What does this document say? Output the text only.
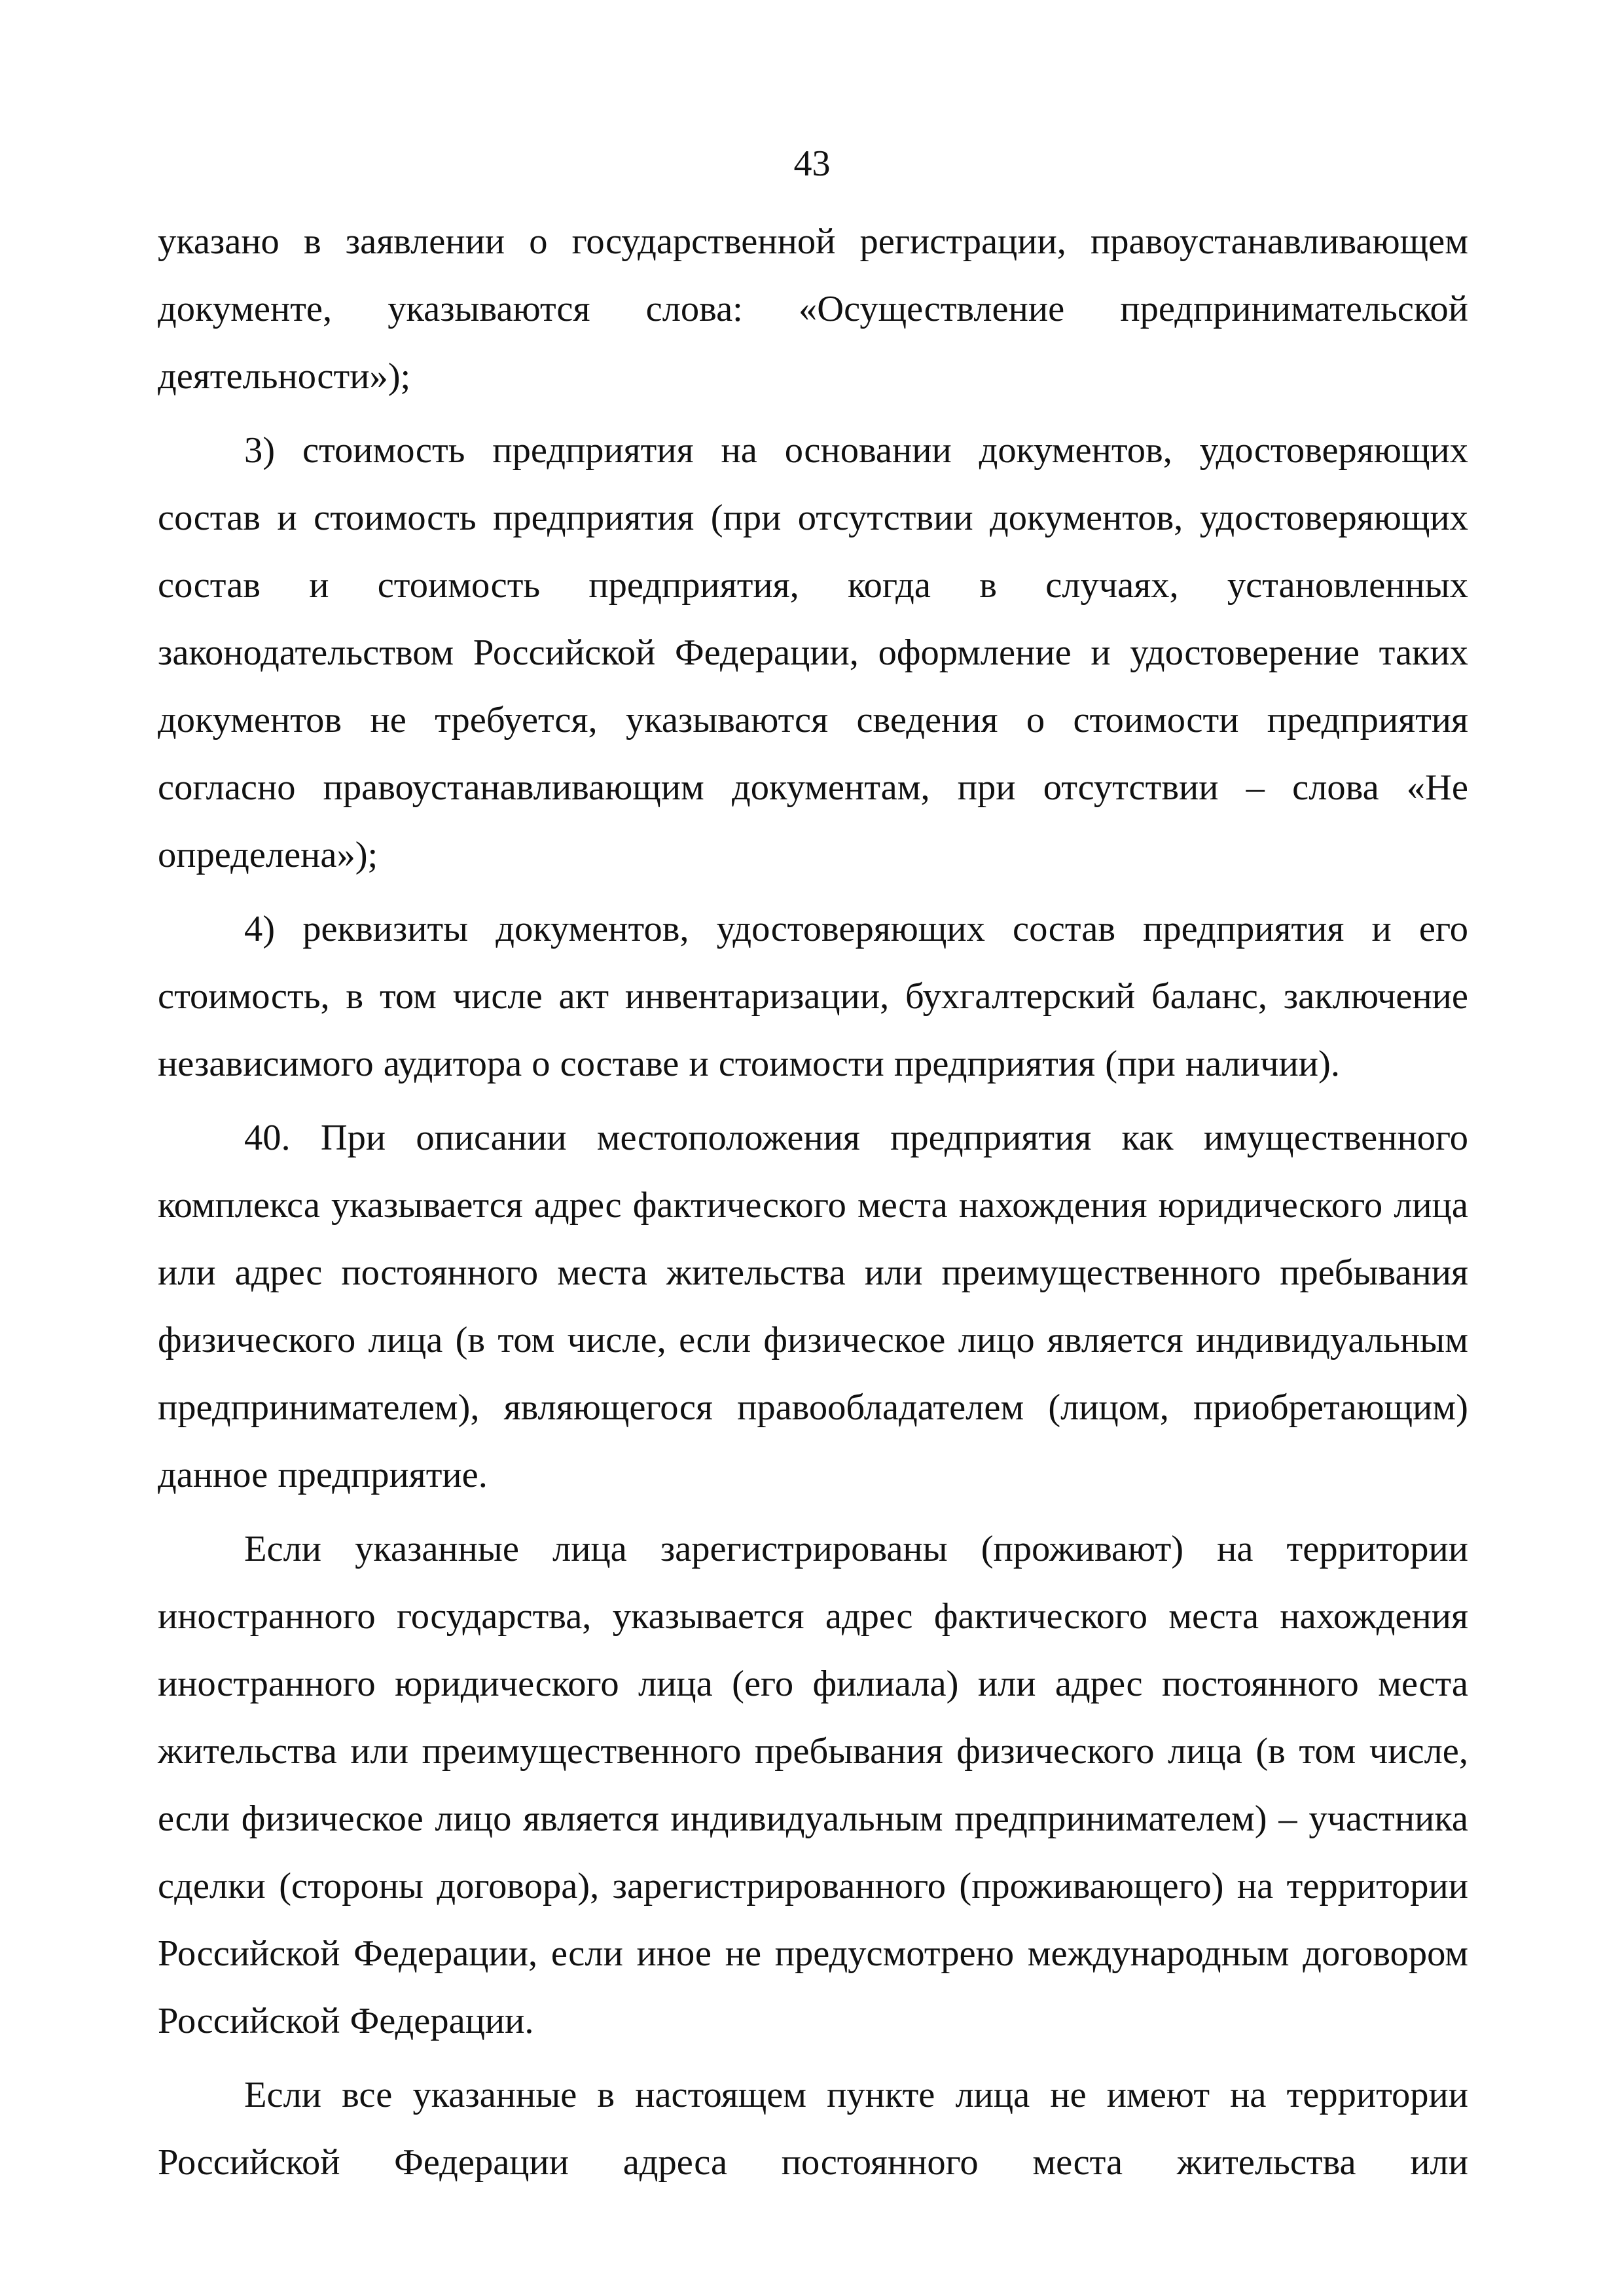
43

указано в заявлении о государственной регистрации, правоустанавливающем документе, указываются слова: «Осуществление предпринимательской деятельности»);

3) стоимость предприятия на основании документов, удостоверяющих состав и стоимость предприятия (при отсутствии документов, удостоверяющих состав и стоимость предприятия, когда в случаях, установленных законодательством Российской Федерации, оформление и удостоверение таких документов не требуется, указываются сведения о стоимости предприятия согласно правоустанавливающим документам, при отсутствии – слова «Не определена»);

4) реквизиты документов, удостоверяющих состав предприятия и его стоимость, в том числе акт инвентаризации, бухгалтерский баланс, заключение независимого аудитора о составе и стоимости предприятия (при наличии).

40. При описании местоположения предприятия как имущественного комплекса указывается адрес фактического места нахождения юридического лица или адрес постоянного места жительства или преимущественного пребывания физического лица (в том числе, если физическое лицо является индивидуальным предпринимателем), являющегося правообладателем (лицом, приобретающим) данное предприятие.

Если указанные лица зарегистрированы (проживают) на территории иностранного государства, указывается адрес фактического места нахождения иностранного юридического лица (его филиала) или адрес постоянного места жительства или преимущественного пребывания физического лица (в том числе, если физическое лицо является индивидуальным предпринимателем) – участника сделки (стороны договора), зарегистрированного (проживающего) на территории Российской Федерации, если иное не предусмотрено международным договором Российской Федерации.

Если все указанные в настоящем пункте лица не имеют на территории Российской Федерации адреса постоянного места жительства или
